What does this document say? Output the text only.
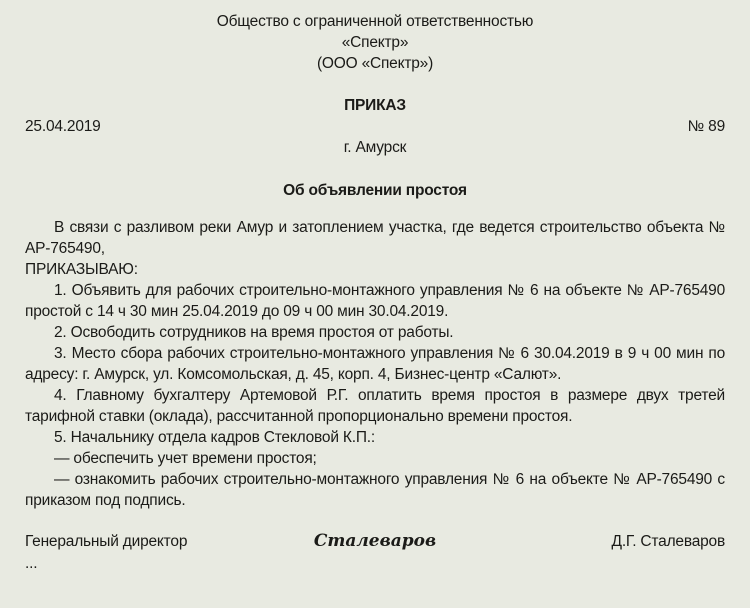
Общество с ограниченной ответственностью
«Спектр»
(ООО «Спектр»)
ПРИКАЗ
25.04.2019	№ 89
г. Амурск
Об объявлении простоя

В связи с разливом реки Амур и затоплением участка, где ведется строительство объекта № АР-765490,

ПРИКАЗЫВАЮ:

1. Объявить для рабочих строительно-монтажного управления № 6 на объекте № АР-765490 простой с 14 ч 30 мин 25.04.2019 до 09 ч 00 мин 30.04.2019.

2. Освободить сотрудников на время простоя от работы.

3. Место сбора рабочих строительно-монтажного управления № 6 30.04.2019 в 9 ч 00 мин по адресу: г. Амурск, ул. Комсомольская, д. 45, корп. 4, Бизнес-центр «Салют».

4. Главному бухгалтеру Артемовой Р.Г. оплатить время простоя в размере двух третей тарифной ставки (оклада), рассчитанной пропорционально времени простоя.

5. Начальнику отдела кадров Стекловой К.П.:

— обеспечить учет времени простоя;

— ознакомить рабочих строительно-монтажного управления № 6 на объекте № АР-765490 с приказом под подпись.

Генеральный директор	Сталеваров	Д.Г. Сталеваров
...
